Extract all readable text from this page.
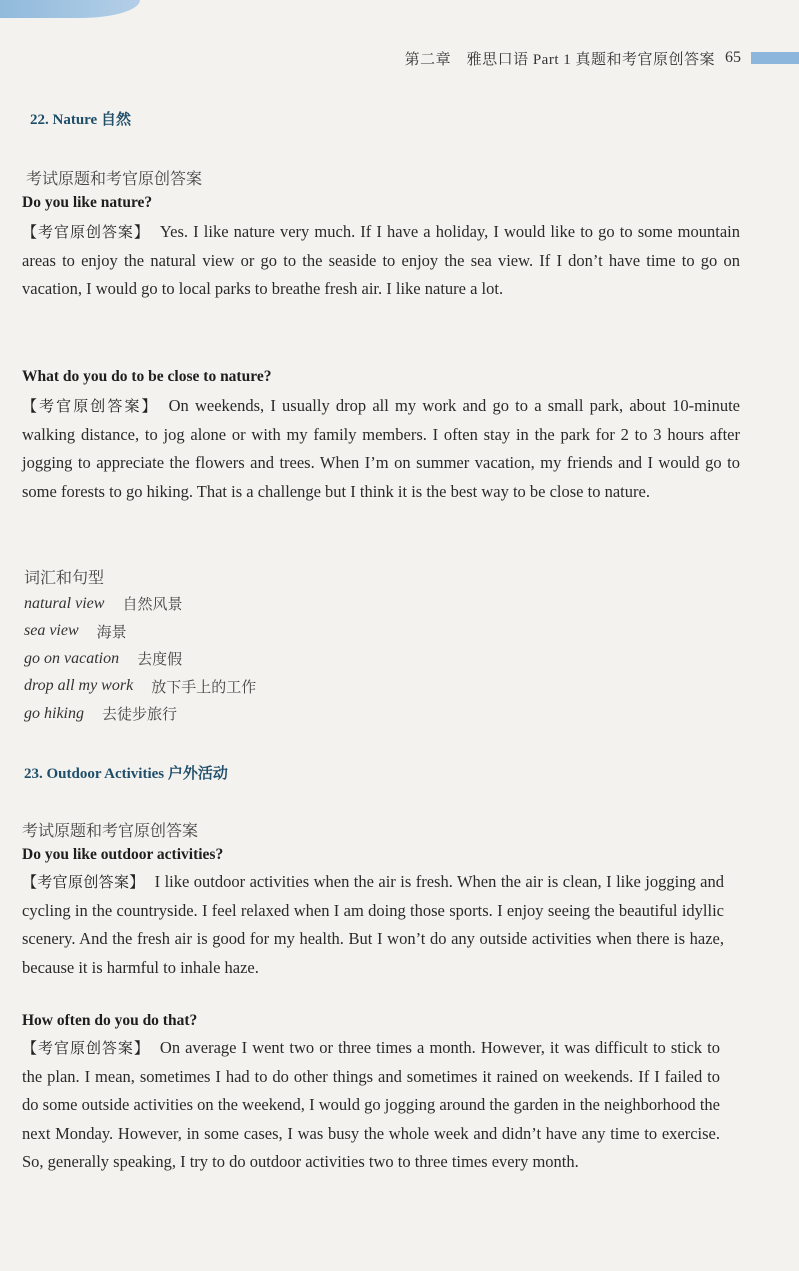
第二章　雅思口语 Part 1 真题和考官原创答案 65
22. Nature 自然
考试原题和考官原创答案
Do you like nature?
【考官原创答案】 Yes. I like nature very much. If I have a holiday, I would like to go to some mountain areas to enjoy the natural view or go to the seaside to enjoy the sea view. If I don’t have time to go on vacation, I would go to local parks to breathe fresh air. I like nature a lot.
What do you do to be close to nature?
【考官原创答案】 On weekends, I usually drop all my work and go to a small park, about 10-minute walking distance, to jog alone or with my family members. I often stay in the park for 2 to 3 hours after jogging to appreciate the flowers and trees. When I’m on summer vacation, my friends and I would go to some forests to go hiking. That is a challenge but I think it is the best way to be close to nature.
词汇和句型
natural view 自然风景
sea view 海景
go on vacation 去度假
drop all my work 放下手上的工作
go hiking 去徒步旅行
23. Outdoor Activities 户外活动
考试原题和考官原创答案
Do you like outdoor activities?
【考官原创答案】 I like outdoor activities when the air is fresh. When the air is clean, I like jogging and cycling in the countryside. I feel relaxed when I am doing those sports. I enjoy seeing the beautiful idyllic scenery. And the fresh air is good for my health. But I won’t do any outside activities when there is haze, because it is harmful to inhale haze.
How often do you do that?
【考官原创答案】 On average I went two or three times a month. However, it was difficult to stick to the plan. I mean, sometimes I had to do other things and sometimes it rained on weekends. If I failed to do some outside activities on the weekend, I would go jogging around the garden in the neighborhood the next Monday. However, in some cases, I was busy the whole week and didn’t have any time to exercise. So, generally speaking, I try to do outdoor activities two to three times every month.
